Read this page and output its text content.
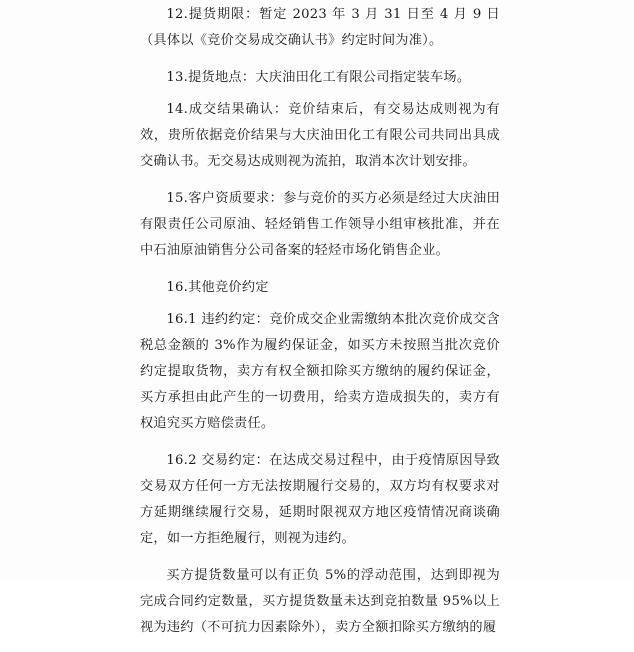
12.提货期限：暂定 2023 年 3 月 31 日至 4 月 9 日（具体以《竞价交易成交确认书》约定时间为准）。

13.提货地点：大庆油田化工有限公司指定装车场。

14.成交结果确认：竞价结束后，有交易达成则视为有效，贵所依据竞价结果与大庆油田化工有限公司共同出具成交确认书。无交易达成则视为流拍，取消本次计划安排。

15.客户资质要求：参与竞价的买方必须是经过大庆油田有限责任公司原油、轻烃销售工作领导小组审核批准，并在中石油原油销售分公司备案的轻烃市场化销售企业。

16.其他竞价约定

16.1 违约约定：竞价成交企业需缴纳本批次竞价成交含税总金额的 3%作为履约保证金，如买方未按照当批次竞价约定提取货物，卖方有权全额扣除买方缴纳的履约保证金，买方承担由此产生的一切费用，给卖方造成损失的，卖方有权追究买方赔偿责任。

16.2 交易约定：在达成交易过程中，由于疫情原因导致交易双方任何一方无法按期履行交易的，双方均有权要求对方延期继续履行交易，延期时限视双方地区疫情情况商谈确定，如一方拒绝履行，则视为违约。

买方提货数量可以有正负 5%的浮动范围，达到即视为完成合同约定数量，买方提货数量未达到竞拍数量 95%以上视为违约（不可抗力因素除外），卖方全额扣除买方缴纳的履
